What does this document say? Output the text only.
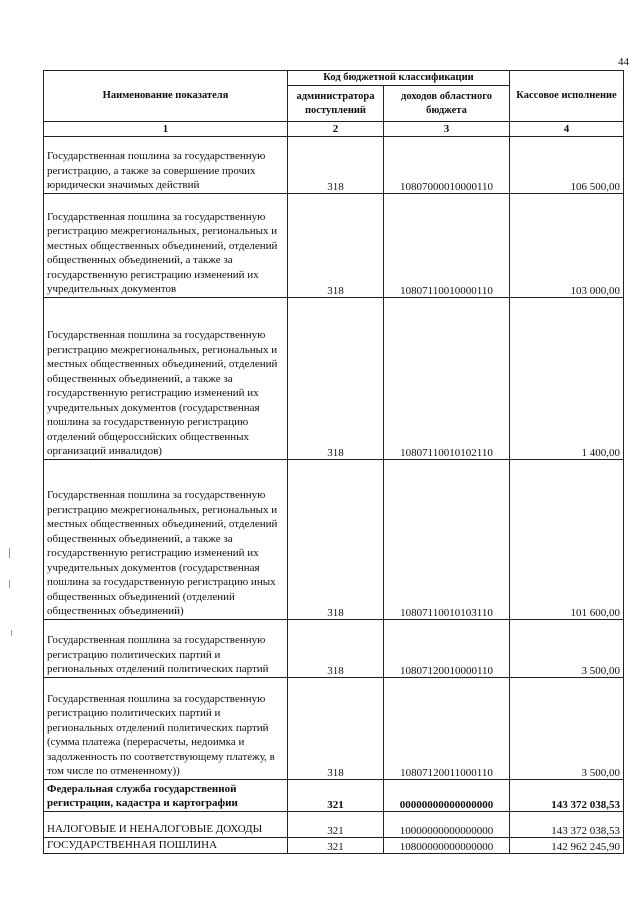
44
Наименование показателя	Код бюджетной классификации		Кассовое исполнение
	администратора поступлений	доходов областного бюджета	
1	2	3	4
Государственная пошлина за государственную регистрацию, а также за совершение прочих юридически значимых действий	318	10807000010000110	106 500,00
Государственная пошлина за государственную регистрацию межрегиональных, региональных и местных общественных объединений, отделений общественных объединений, а также за государственную регистрацию изменений их учредительных документов	318	10807110010000110	103 000,00
Государственная пошлина за государственную регистрацию межрегиональных, региональных и местных общественных объединений, отделений общественных объединений, а также за государственную регистрацию изменений их учредительных документов (государственная пошлина за государственную регистрацию отделений общероссийских общественных организаций инвалидов)	318	10807110010102110	1 400,00
Государственная пошлина за государственную регистрацию межрегиональных, региональных и местных общественных объединений, отделений общественных объединений, а также за государственную регистрацию изменений их учредительных документов (государственная пошлина за государственную регистрацию иных общественных объединений (отделений общественных объединений)	318	10807110010103110	101 600,00
Государственная пошлина за государственную регистрацию политических партий и региональных отделений политических партий	318	10807120010000110	3 500,00
Государственная пошлина за государственную регистрацию политических партий и региональных отделений политических партий (сумма платежа (перерасчеты, недоимка и задолженность по соответствующему платежу, в том числе по отмененному))	318	10807120011000110	3 500,00
Федеральная служба государственной регистрации, кадастра и картографии	321	00000000000000000	143 372 038,53
НАЛОГОВЫЕ И НЕНАЛОГОВЫЕ ДОХОДЫ	321	10000000000000000	143 372 038,53
ГОСУДАРСТВЕННАЯ ПОШЛИНА	321	10800000000000000	142 962 245,90
